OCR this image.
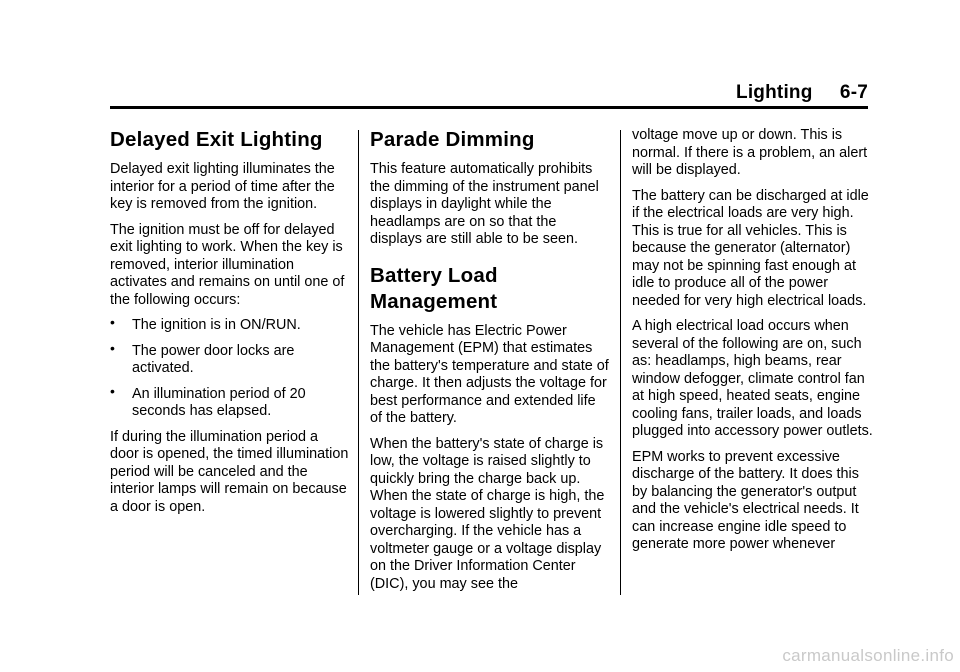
Lighting     6-7
Delayed Exit Lighting

Delayed exit lighting illuminates the interior for a period of time after the key is removed from the ignition.

The ignition must be off for delayed exit lighting to work. When the key is removed, interior illumination activates and remains on until one of the following occurs:

• The ignition is in ON/RUN.
• The power door locks are activated.
• An illumination period of 20 seconds has elapsed.

If during the illumination period a door is opened, the timed illumination period will be canceled and the interior lamps will remain on because a door is open.

Parade Dimming

This feature automatically prohibits the dimming of the instrument panel displays in daylight while the headlamps are on so that the displays are still able to be seen.

Battery Load Management

The vehicle has Electric Power Management (EPM) that estimates the battery's temperature and state of charge. It then adjusts the voltage for best performance and extended life of the battery.

When the battery's state of charge is low, the voltage is raised slightly to quickly bring the charge back up. When the state of charge is high, the voltage is lowered slightly to prevent overcharging. If the vehicle has a voltmeter gauge or a voltage display on the Driver Information Center (DIC), you may see the

voltage move up or down. This is normal. If there is a problem, an alert will be displayed.

The battery can be discharged at idle if the electrical loads are very high. This is true for all vehicles. This is because the generator (alternator) may not be spinning fast enough at idle to produce all of the power needed for very high electrical loads.

A high electrical load occurs when several of the following are on, such as: headlamps, high beams, rear window defogger, climate control fan at high speed, heated seats, engine cooling fans, trailer loads, and loads plugged into accessory power outlets.

EPM works to prevent excessive discharge of the battery. It does this by balancing the generator's output and the vehicle's electrical needs. It can increase engine idle speed to generate more power whenever

carmanualsonline.info
